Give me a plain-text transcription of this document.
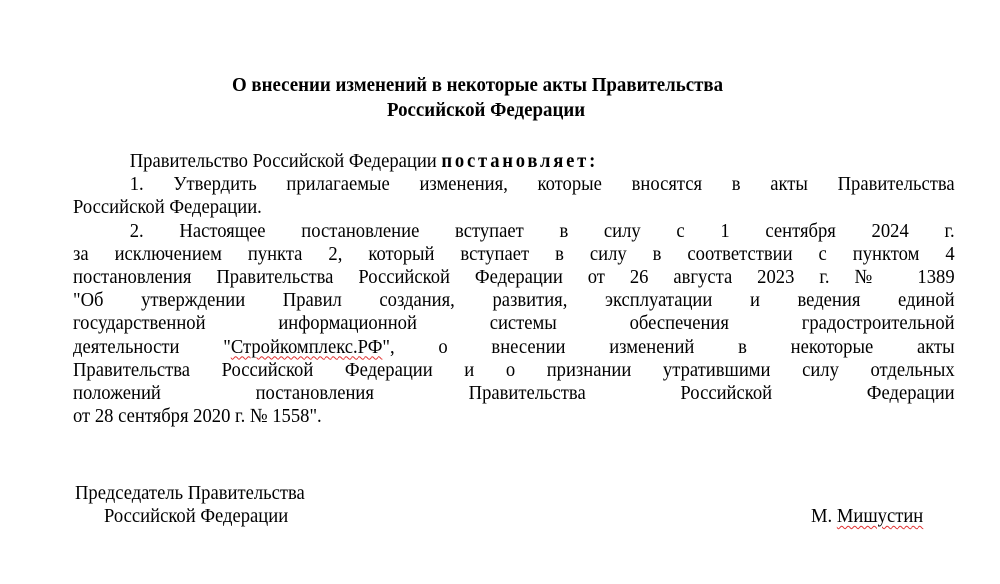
О внесении изменений в некоторые акты Правительства
Российской Федерации
Правительство Российской Федерации постановляет:
1. Утвердить прилагаемые изменения, которые вносятся в акты Правительства
Российской Федерации.
2. Настоящее постановление вступает в силу с 1 сентября 2024 г.
за исключением пункта 2, который вступает в силу в соответствии с пунктом 4
постановления Правительства Российской Федерации от 26 августа 2023 г. № 1389
"Об утверждении Правил создания, развития, эксплуатации и ведения единой
государственной информационной системы обеспечения градостроительной
деятельности "Стройкомплекс.РФ", о внесении изменений в некоторые акты
Правительства Российской Федерации и о признании утратившими силу отдельных
положений постановления Правительства Российской Федерации
от 28 сентября 2020 г. № 1558".
Председатель Правительства
Российской Федерации	М. Мишустин
